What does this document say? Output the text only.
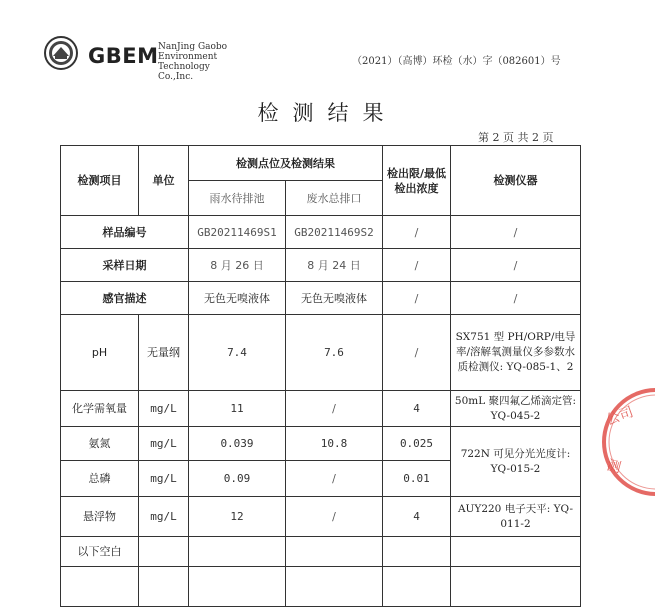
GBEM NanJing Gaobo
Environment Technology
Co.,Inc.
（2021）（高博）环检（水）字（082601）号
检测结果
第 2 页 共 2 页
检测项目	单位	检测点位及检测结果		检出限/最低检出浓度	检测仪器
		雨水待排池	废水总排口		
样品编号		GB20211469S1	GB20211469S2	/	/
采样日期		8 月 26 日	8 月 24 日	/	/
感官描述		无色无嗅液体	无色无嗅液体	/	/
pH	无量纲	7.4	7.6	/	SX751 型 PH/ORP/电导率/溶解氧测量仪多参数水质检测仪: YQ-085-1、2
化学需氧量	mg/L	11	/	4	50mL 聚四氟乙烯滴定管: YQ-045-2
氨氮	mg/L	0.039	10.8	0.025	722N 可见分光光度计: YQ-015-2
总磷	mg/L	0.09	/	0.01	
悬浮物	mg/L	12	/	4	AUY220 电子天平: YQ-011-2
以下空白					

公司
测
